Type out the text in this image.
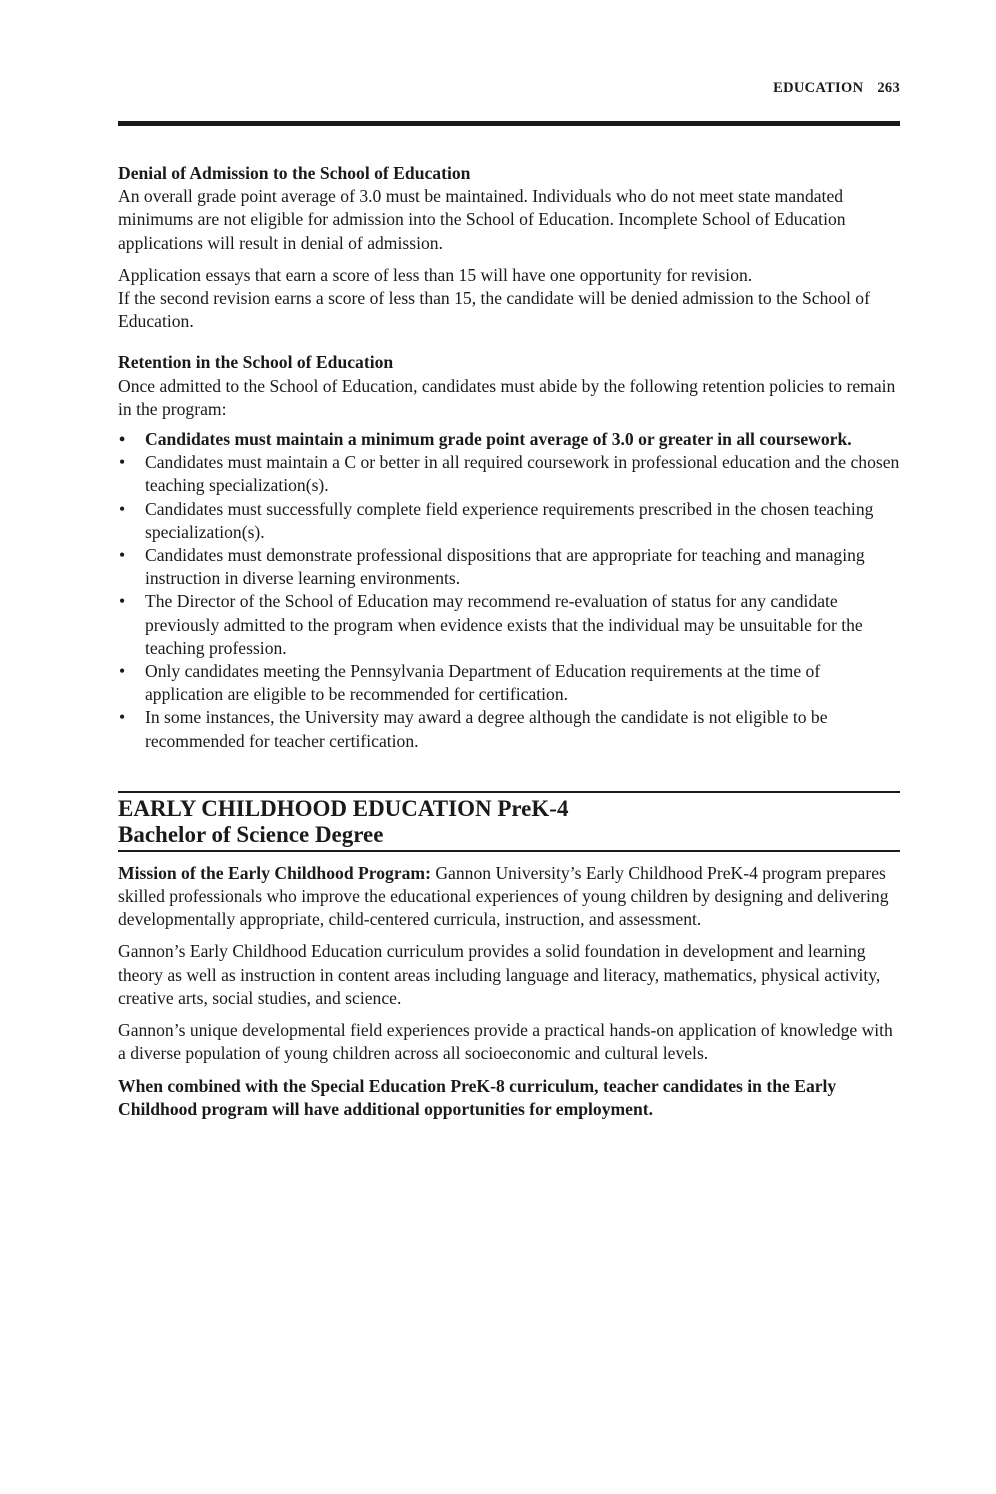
EDUCATION 263

Denial of Admission to the School of Education

An overall grade point average of 3.0 must be maintained. Individuals who do not meet state mandated minimums are not eligible for admission into the School of Education. Incomplete School of Education applications will result in denial of admission.

Application essays that earn a score of less than 15 will have one opportunity for revision.

If the second revision earns a score of less than 15, the candidate will be denied admission to the School of Education.

Retention in the School of Education

Once admitted to the School of Education, candidates must abide by the following retention policies to remain in the program:

• Candidates must maintain a minimum grade point average of 3.0 or greater in all coursework.
• Candidates must maintain a C or better in all required coursework in professional education and the chosen teaching specialization(s).
• Candidates must successfully complete field experience requirements prescribed in the chosen teaching specialization(s).
• Candidates must demonstrate professional dispositions that are appropriate for teaching and managing instruction in diverse learning environments.
• The Director of the School of Education may recommend re-evaluation of status for any candidate previously admitted to the program when evidence exists that the individual may be unsuitable for the teaching profession.
• Only candidates meeting the Pennsylvania Department of Education requirements at the time of application are eligible to be recommended for certification.
• In some instances, the University may award a degree although the candidate is not eligible to be recommended for teacher certification.
EARLY CHILDHOOD EDUCATION PreK-4
Bachelor of Science Degree

Mission of the Early Childhood Program: Gannon University’s Early Childhood PreK-4 program prepares skilled professionals who improve the educational experiences of young children by designing and delivering developmentally appropriate, child-centered curricula, instruction, and assessment.

Gannon’s Early Childhood Education curriculum provides a solid foundation in development and learning theory as well as instruction in content areas including language and literacy, mathematics, physical activity, creative arts, social studies, and science.

Gannon’s unique developmental field experiences provide a practical hands-on application of knowledge with a diverse population of young children across all socioeconomic and cultural levels.

When combined with the Special Education PreK-8 curriculum, teacher candidates in the Early Childhood program will have additional opportunities for employment.
